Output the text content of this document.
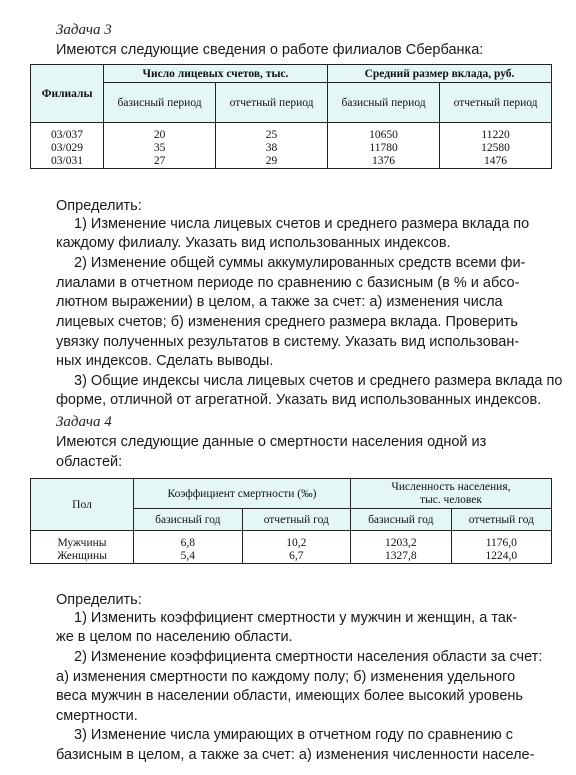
Задача 3
Имеются следующие сведения о работе филиалов Сбербанка:
Филиалы	Число лицевых счетов, тыс.		Средний размер вклада, руб.	
	базисный период	отчетный период	базисный период	отчетный период
03/037	20	25	10650	11220
03/029	35	38	11780	12580
03/031	27	29	1376	1476
Определить:
1) Изменение числа лицевых счетов и среднего размера вклада по
каждому филиалу. Указать вид использованных индексов.
2) Изменение общей суммы аккумулированных средств всеми фи-
лиалами в отчетном периоде по сравнению с базисным (в % и абсо-
лютном выражении) в целом, а также за счет: а) изменения числа
лицевых счетов; б) изменения среднего размера вклада. Проверить
увязку полученных результатов в систему. Указать вид использован-
ных индексов. Сделать выводы.
3) Общие индексы числа лицевых счетов и среднего размера вклада по
форме, отличной от агрегатной. Указать вид использованных индексов.
Задача 4
Имеются следующие данные о смертности населения одной из
областей:
Пол	Коэффициент смертности (‰)		Численность населения,
тыс. человек	

	базисный год	отчетный год	базисный год	отчетный год
Мужчины	6,8	10,2	1203,2	1176,0
Женщины	5,4	6,7	1327,8	1224,0
Определить:
1) Изменить коэффициент смертности у мужчин и женщин, а так-
же в целом по населению области.
2) Изменение коэффициента смертности населения области за счет:
а) изменения смертности по каждому полу; б) изменения удельного
веса мужчин в населении области, имеющих более высокий уровень
смертности.
3) Изменение числа умирающих в отчетном году по сравнению с
базисным в целом, а также за счет: а) изменения численности населе-
